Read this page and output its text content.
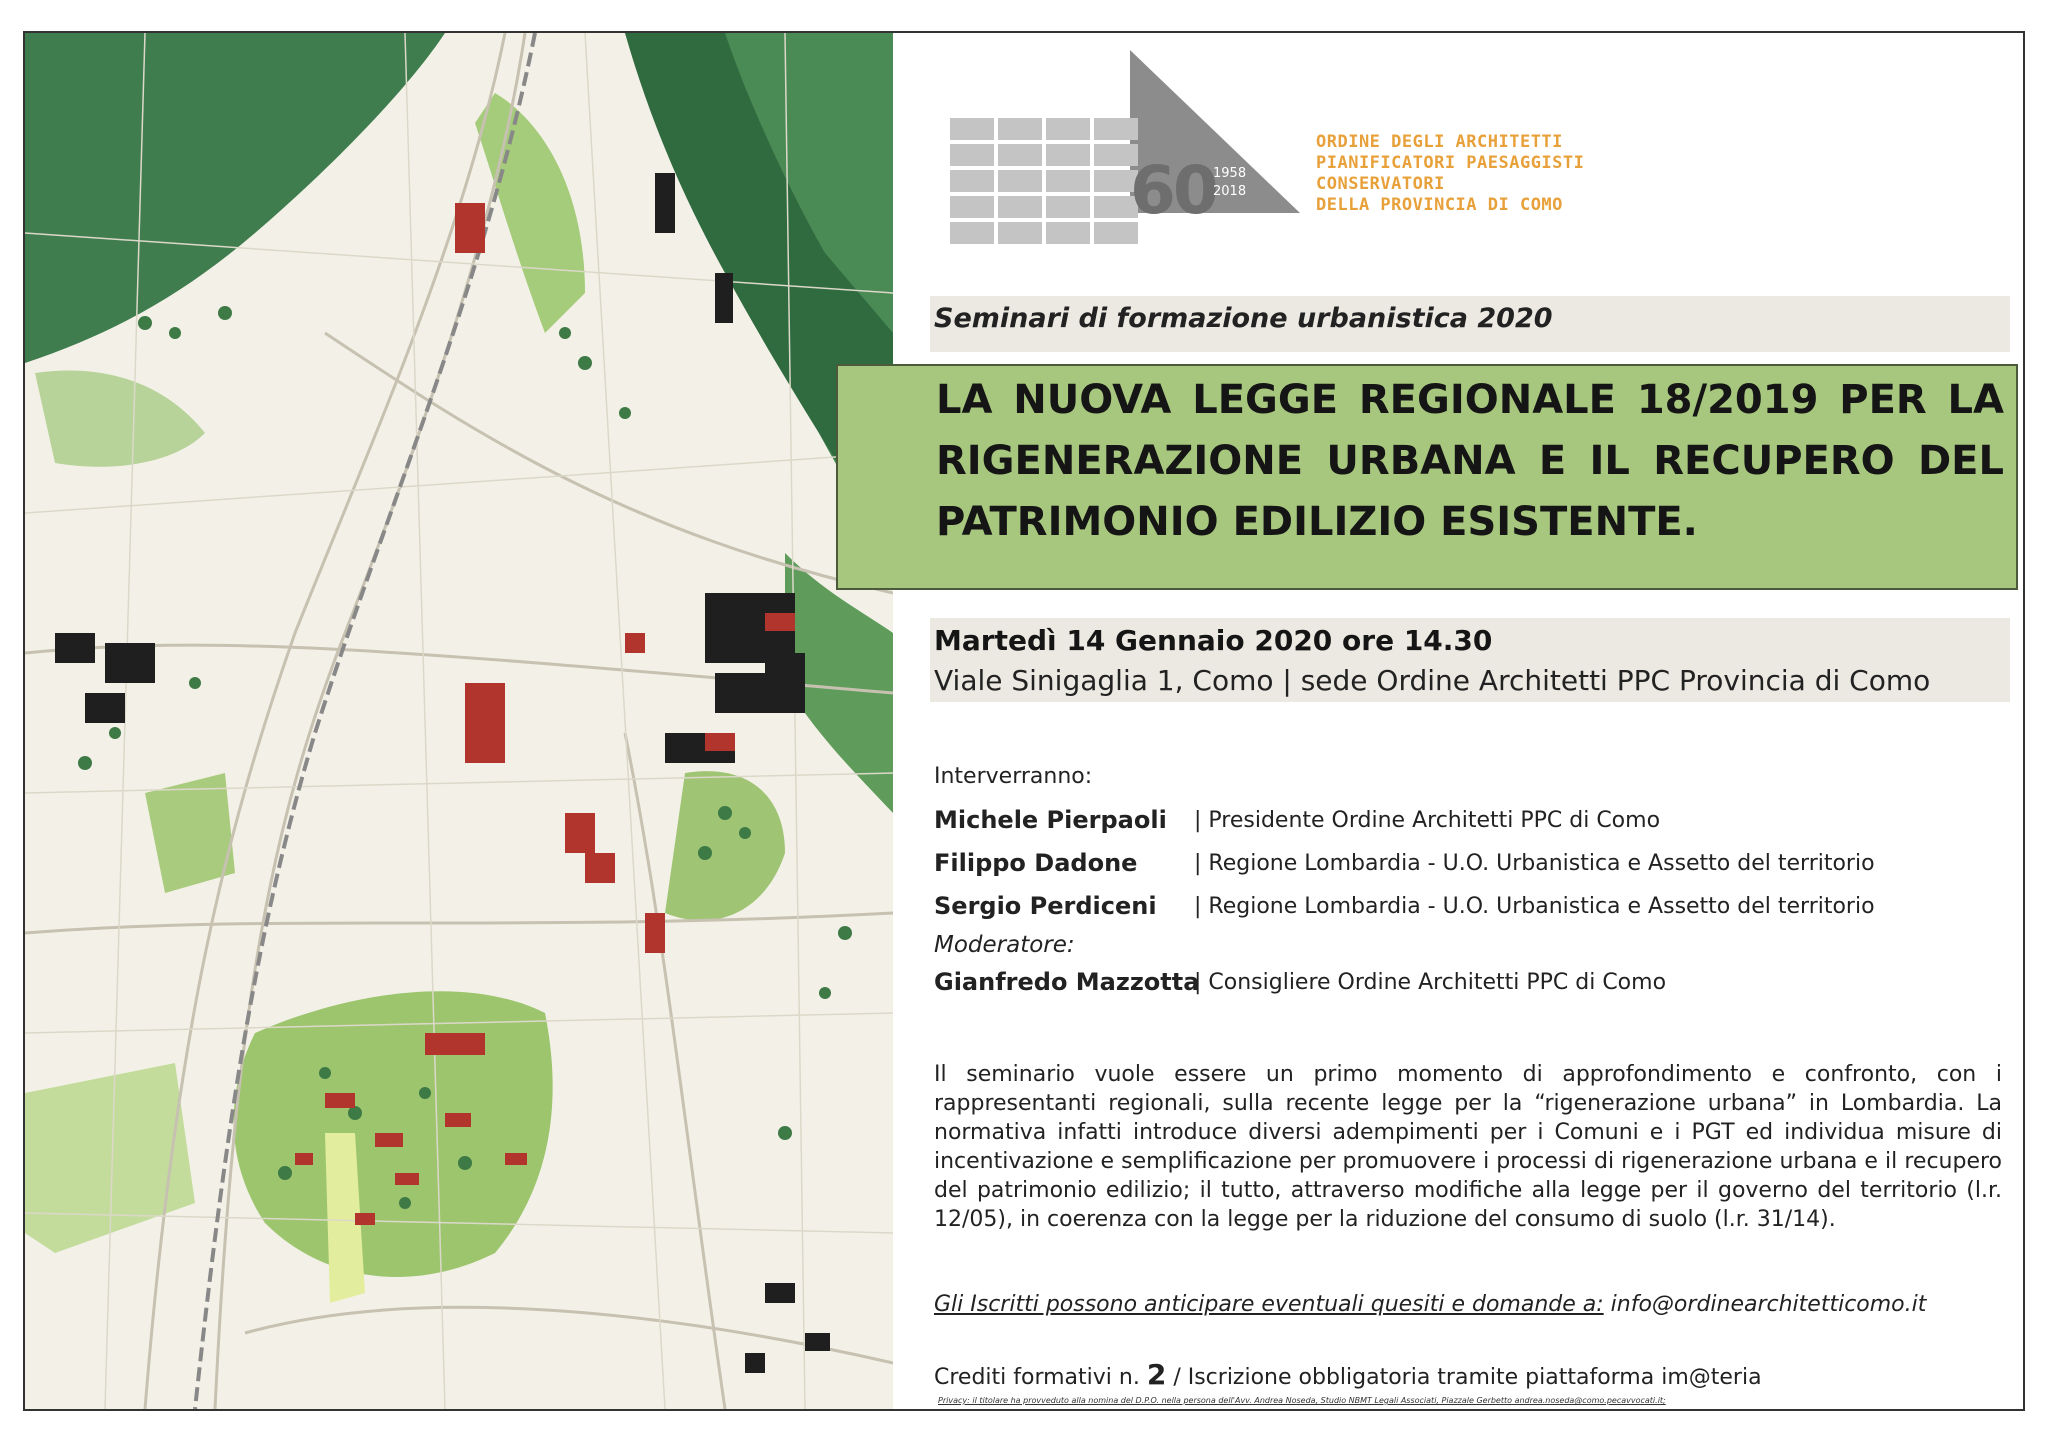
60
1958
2018
ORDINE DEGLI ARCHITETTI
PIANIFICATORI PAESAGGISTI
CONSERVATORI
DELLA PROVINCIA DI COMO
Seminari di formazione urbanistica 2020
LA NUOVA LEGGE REGIONALE 18/2019 PER LA RIGENERAZIONE URBANA E IL RECUPERO DEL PATRIMONIO EDILIZIO ESISTENTE.
Martedì 14 Gennaio 2020 ore 14.30
Viale Sinigaglia 1, Como | sede Ordine Architetti PPC Provincia di Como
Interverranno:
Michele Pierpaoli | Presidente Ordine Architetti PPC di Como
Filippo Dadone	| Regione Lombardia - U.O. Urbanistica e Assetto del territorio
Sergio Perdiceni | Regione Lombardia - U.O. Urbanistica e Assetto del territorio
Moderatore:
Gianfredo Mazzotta
| Consigliere Ordine Architetti PPC di Como
Il seminario vuole essere un primo momento di approfondimento e confronto, con i rappresentanti regionali, sulla recente legge per la “rigenerazione urbana” in Lombardia. La normativa infatti introduce diversi adempimenti per i Comuni e i PGT ed individua misure di incentivazione e semplificazione per promuovere i processi di rigenerazione urbana e il recupero del patrimonio edilizio; il tutto, attraverso modifiche alla legge per il governo del territorio (l.r. 12/05), in coerenza con la legge per la riduzione del consumo di suolo (l.r. 31/14).
Gli Iscritti possono anticipare eventuali quesiti e domande a: info@ordinearchitetticomo.it
Crediti formativi n. 2 / Iscrizione obbligatoria tramite piattaforma im@teria
Privacy: il titolare ha provveduto alla nomina del D.P.O. nella persona dell'Avv. Andrea Noseda, Studio NBMT Legali Associati, Piazzale Gerbetto andrea.noseda@como.pecavvocati.it;
